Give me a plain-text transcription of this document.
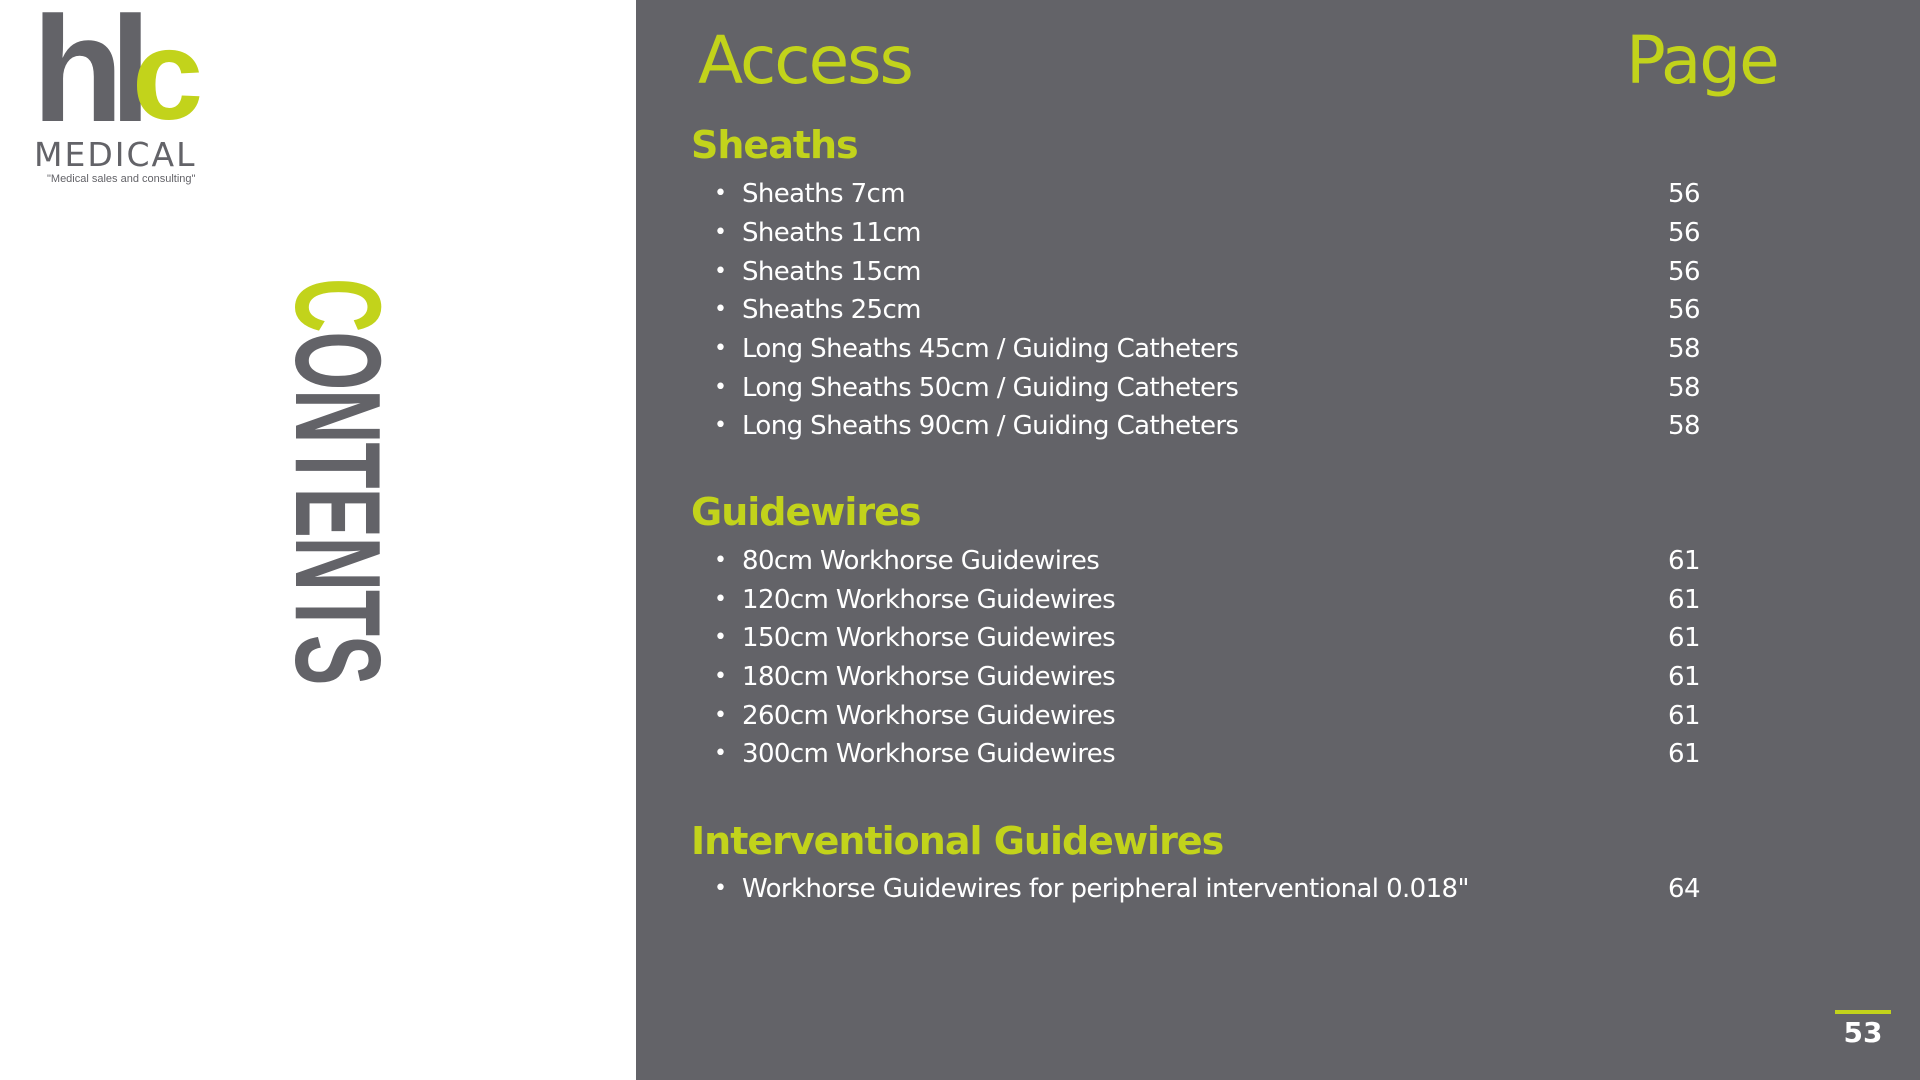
hl
c
MEDICAL
"Medical sales and consulting"
CONTENTS
Access	Page
Sheaths
• Sheaths 7cm	56
• Sheaths 11cm	56
• Sheaths 15cm	56
• Sheaths 25cm	56
• Long Sheaths 45cm / Guiding Catheters	58
• Long Sheaths 50cm / Guiding Catheters	58
• Long Sheaths 90cm / Guiding Catheters	58
Guidewires
• 80cm Workhorse Guidewires	61
• 120cm Workhorse Guidewires	61
• 150cm Workhorse Guidewires	61
• 180cm Workhorse Guidewires	61
• 260cm Workhorse Guidewires	61
• 300cm Workhorse Guidewires	61
Interventional Guidewires
• Workhorse Guidewires for peripheral interventional 0.018"	64
53
